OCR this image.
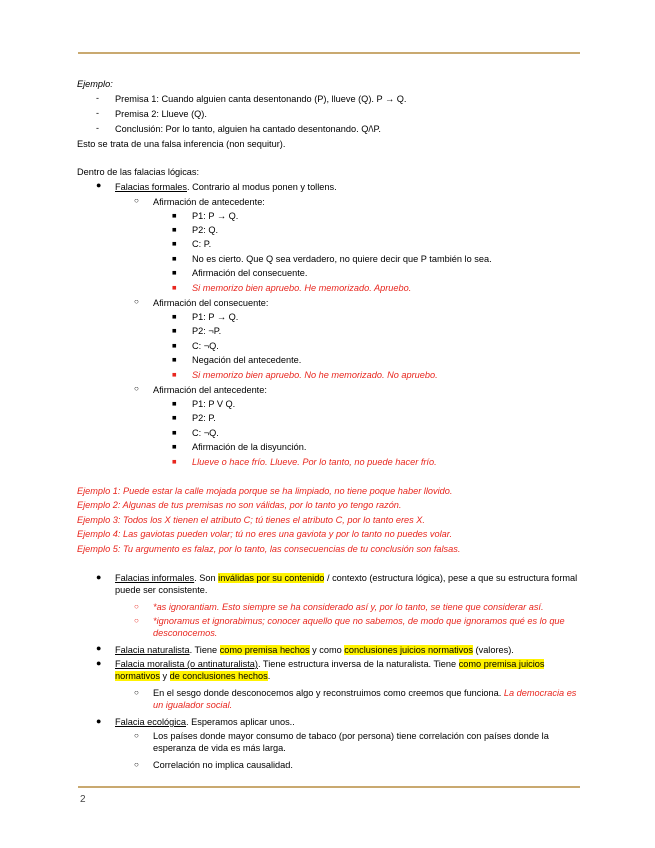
Ejemplo:
- Premisa 1: Cuando alguien canta desentonando (P), llueve (Q). P → Q.
- Premisa 2: Llueve (Q).
- Conclusión: Por lo tanto, alguien ha cantado desentonando. Q/\P.
Esto se trata de una falsa inferencia (non sequitur).
Dentro de las falacias lógicas:
● Falacias formales. Contrario al modus ponen y tollens.
○ Afirmación de antecedente:
■ P1: P → Q.
■ P2: Q.
■ C: P.
■ No es cierto. Que Q sea verdadero, no quiere decir que P también lo sea.
■ Afirmación del consecuente.
■ Si memorizo bien apruebo. He memorizado. Apruebo.
○ Afirmación del consecuente:
■ P1: P → Q.
■ P2: ¬P.
■ C: ¬Q.
■ Negación del antecedente.
■ Si memorizo bien apruebo. No he memorizado. No apruebo.
○ Afirmación del antecedente:
■ P1: P V Q.
■ P2: P.
■ C: ¬Q.
■ Afirmación de la disyunción.
■ Llueve o hace frío. Llueve. Por lo tanto, no puede hacer frío.
Ejemplo 1: Puede estar la calle mojada porque se ha limpiado, no tiene poque haber llovido.
Ejemplo 2: Algunas de tus premisas no son válidas, por lo tanto yo tengo razón.
Ejemplo 3: Todos los X tienen el atributo C; tú tienes el atributo C, por lo tanto eres X.
Ejemplo 4: Las gaviotas pueden volar; tú no eres una gaviota y por lo tanto no puedes volar.
Ejemplo 5: Tu argumento es falaz, por lo tanto, las consecuencias de tu conclusión son falsas.
● Falacias informales. Son inválidas por su contenido / contexto (estructura lógica), pese a que su estructura formal puede ser consistente.
○ *as ignorantiam. Esto siempre se ha considerado así y, por lo tanto, se tiene que considerar así.
○ *ignoramus et ignorabimus; conocer aquello que no sabemos, de modo que ignoramos qué es lo que desconocemos.
● Falacia naturalista. Tiene como premisa hechos y como conclusiones juicios normativos (valores).
● Falacia moralista (o antinaturalista). Tiene estructura inversa de la naturalista. Tiene como premisa juicios normativos y de conclusiones hechos.
○ En el sesgo donde desconocemos algo y reconstruimos como creemos que funciona. La democracia es un igualador social.
● Falacia ecológica. Esperamos aplicar unos..
○ Los países donde mayor consumo de tabaco (por persona) tiene correlación con países donde la esperanza de vida es más larga.
○ Correlación no implica causalidad.
2
